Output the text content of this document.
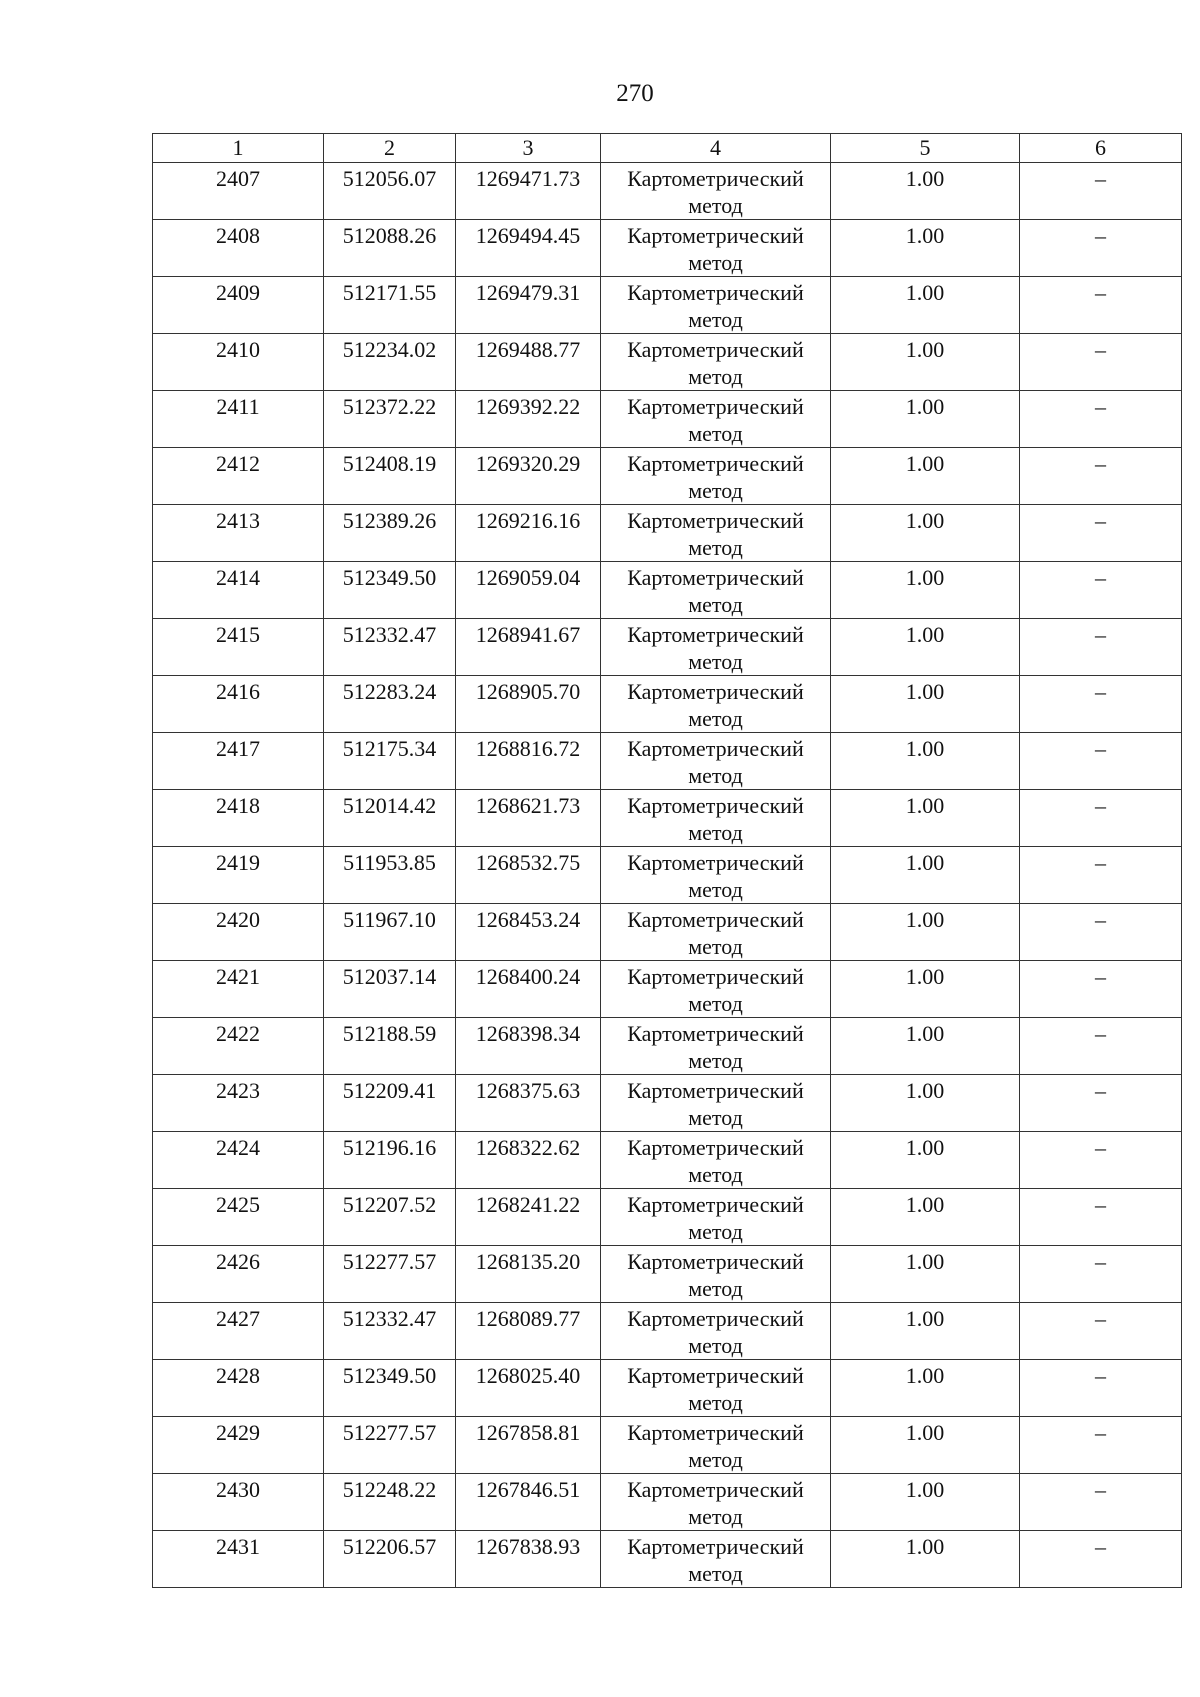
270
1	2	3	4	5	6
2407	512056.07	1269471.73	Картометрический метод	1.00	–
2408	512088.26	1269494.45	Картометрический метод	1.00	–
2409	512171.55	1269479.31	Картометрический метод	1.00	–
2410	512234.02	1269488.77	Картометрический метод	1.00	–
2411	512372.22	1269392.22	Картометрический метод	1.00	–
2412	512408.19	1269320.29	Картометрический метод	1.00	–
2413	512389.26	1269216.16	Картометрический метод	1.00	–
2414	512349.50	1269059.04	Картометрический метод	1.00	–
2415	512332.47	1268941.67	Картометрический метод	1.00	–
2416	512283.24	1268905.70	Картометрический метод	1.00	–
2417	512175.34	1268816.72	Картометрический метод	1.00	–
2418	512014.42	1268621.73	Картометрический метод	1.00	–
2419	511953.85	1268532.75	Картометрический метод	1.00	–
2420	511967.10	1268453.24	Картометрический метод	1.00	–
2421	512037.14	1268400.24	Картометрический метод	1.00	–
2422	512188.59	1268398.34	Картометрический метод	1.00	–
2423	512209.41	1268375.63	Картометрический метод	1.00	–
2424	512196.16	1268322.62	Картометрический метод	1.00	–
2425	512207.52	1268241.22	Картометрический метод	1.00	–
2426	512277.57	1268135.20	Картометрический метод	1.00	–
2427	512332.47	1268089.77	Картометрический метод	1.00	–
2428	512349.50	1268025.40	Картометрический метод	1.00	–
2429	512277.57	1267858.81	Картометрический метод	1.00	–
2430	512248.22	1267846.51	Картометрический метод	1.00	–
2431	512206.57	1267838.93	Картометрический метод	1.00	–
